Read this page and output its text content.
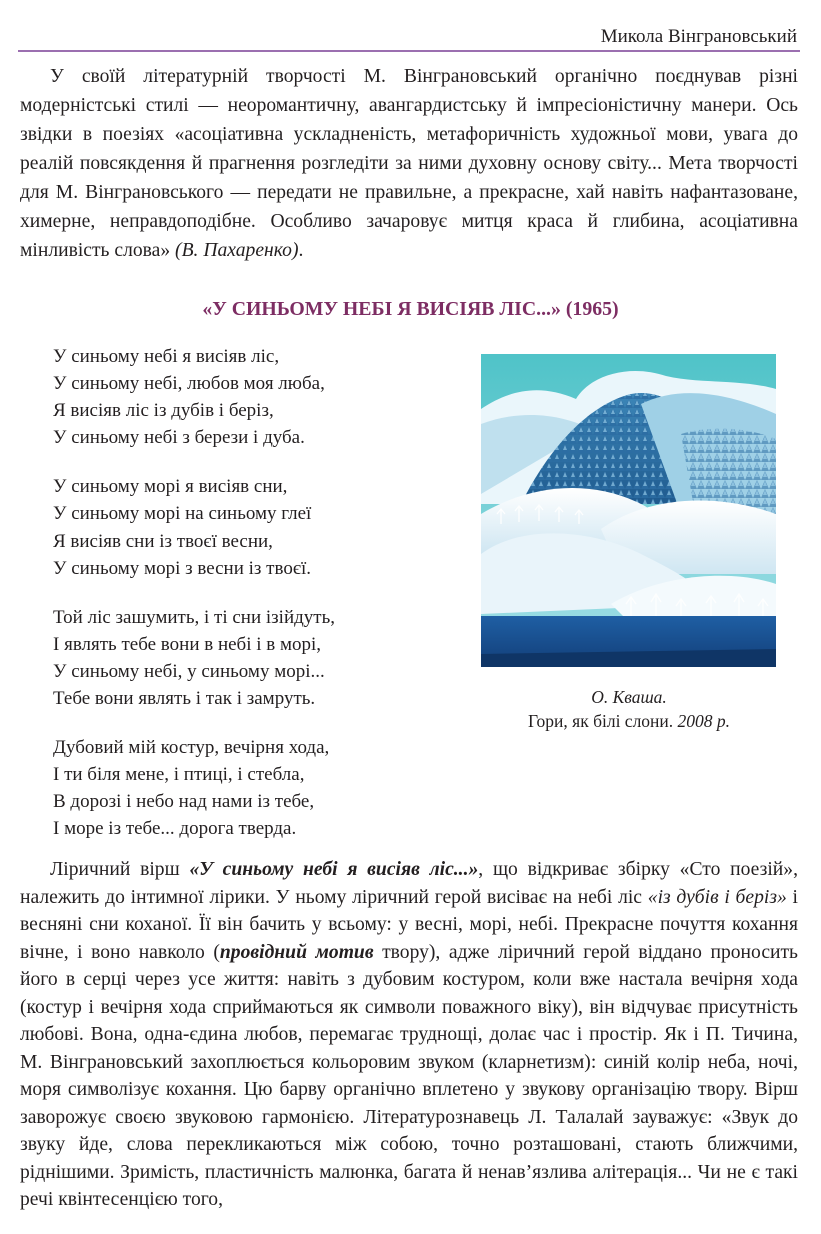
Микола Вінграновський

У своїй літературній творчості М. Вінграновський органічно поєднував різні модерністські стилі — неоромантичну, авангардистську й імпресіоністичну манери. Ось звідки в поезіях «асоціативна ускладненість, метафоричність художньої мови, увага до реалій повсякдення й прагнення розгледіти за ними духовну основу світу... Мета творчості для М. Вінграновського — передати не правильне, а прекрасне, хай навіть нафантазоване, химерне, неправдоподібне. Особливо зачаровує митця краса й глибина, асоціативна мінливість слова» (В. Пахаренко).

«У СИНЬОМУ НЕБІ Я ВИСІЯВ ЛІС...» (1965)
У синьому небі я висіяв ліс,
У синьому небі, любов моя люба,
Я висіяв ліс із дубів і беріз,
У синьому небі з берези і дуба.
У синьому морі я висіяв сни,
У синьому морі на синьому глеї
Я висіяв сни із твоєї весни,
У синьому морі з весни із твоєї.
Той ліс зашумить, і ті сни ізійдуть,
І являть тебе вони в небі і в морі,
У синьому небі, у синьому морі...
Тебе вони являть і так і замруть.
Дубовий мій костур, вечірня хода,
І ти біля мене, і птиці, і стебла,
В дорозі і небо над нами із тебе,
І море із тебе... дорога тверда.
О. Кваша.
Гори, як білі слони. 2008 р.

Ліричний вірш «У синьому небі я висіяв ліс...», що відкриває збірку «Сто поезій», належить до інтимної лірики. У ньому ліричний герой висіває на небі ліс «із дубів і беріз» і весняні сни коханої. Її він бачить у всьому: у весні, морі, небі. Прекрасне почуття кохання вічне, і воно навколо (провідний мотив твору), адже ліричний герой віддано проносить його в серці через усе життя: навіть з дубовим костуром, коли вже настала вечірня хода (костур і вечірня хода сприймаються як символи поважного віку), він відчуває присутність любові. Вона, одна-єдина любов, перемагає труднощі, долає час і простір. Як і П. Тичина, М. Вінграновський захоплюється кольоровим звуком (кларнетизм): синій колір неба, ночі, моря символізує кохання. Цю барву органічно вплетено у звукову організацію твору. Вірш заворожує своєю звуковою гармонією. Літературознавець Л. Талалай зауважує: «Звук до звуку йде, слова перекликаються між собою, точно розташовані, стають ближчими, ріднішими. Зримість, пластичність малюнка, багата й ненав’язлива алітерація... Чи не є такі речі квінтесенцією того,
